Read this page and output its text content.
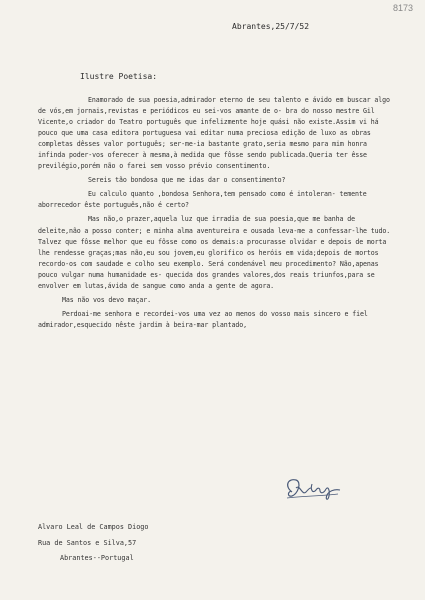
8173
Abrantes,25/7/52
Ilustre Poetisa:

Enamorado de sua poesia,admirador eterno de seu talento e ávido em buscar algo de vós,em jornais,revistas e periódicos eu sei-vos amante de o- bra do nosso mestre Gil Vicente,o criador do Teatro português que infelizmente hoje quási não existe.Assim vi há pouco que uma casa editora portuguesa vai editar numa preciosa edição de luxo as obras completas dêsses valor português; ser-me-ia bastante grato,seria mesmo para mim honra infinda poder-vos oferecer à mesma,à medida que fôsse sendo publicada.Queria ter êsse previlégio,porém não o farei sem vosso prévio consentimento.

Sereis tão bondosa que me idas dar o consentimento?

Eu calculo quanto ,bondosa Senhora,tem pensado como é intoleran- temente aborrecedor êste português,não é certo?

Mas não,o prazer,aquela luz que irradia de sua poesia,que me banha de deleite,não a posso conter; e minha alma aventureira e ousada leva-me a confessar-lhe tudo. Talvez que fôsse melhor que eu fôsse como os demais:a procurasse olvidar e depois de morta lhe rendesse graças;mas não,eu sou jovem,eu glorifico os heróis em vida;depois de mortos recordo-os com saudade e colho seu exemplo. Será condenável meu procedimento? Não,apenas pouco vulgar numa humanidade es- quecida dos grandes valores,dos reais triunfos,para se envolver em lutas,ávida de sangue como anda a gente de agora.

Mas não vos devo maçar.

Perdoai-me senhora e recordei-vos uma vez ao menos do vosso mais sincero e fiel admirador,esquecido nêste jardim à beira-mar plantado,

Alvaro Leal de Campos Diogo
Rua de Santos e Silva,57
Abrantes--Portugal
